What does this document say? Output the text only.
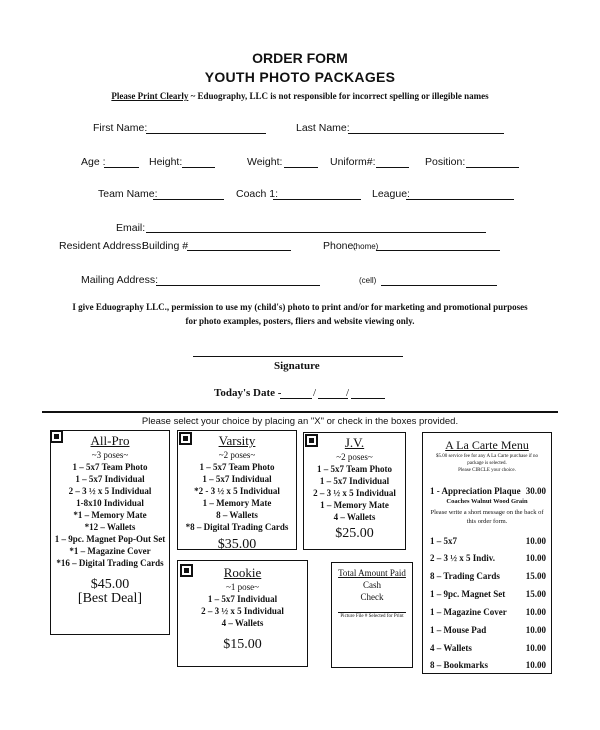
ORDER FORM
YOUTH PHOTO PACKAGES
Please Print Clearly ~ Eduography, LLC is not responsible for incorrect spelling or illegible names
First Name:	Last Name:
Age :	Height:	Weight:	Uniform#:	Position:
Team Name:	Coach 1:	League:
Email:
Resident Address:
Building #	Phone:
(home)
Mailing Address:	(cell)
I give Eduography LLC., permission to use my (child's) photo to print and/or for marketing and promotional purposes
for photo examples, posters, fliers and website viewing only.
Signature
Today's Date -	/	/
Please select your choice by placing an "X" or check in the boxes provided.
All-Pro
~3 poses~
1 – 5x7 Team Photo
1 – 5x7 Individual
2 – 3 ½ x 5 Individual
1-8x10 Individual
*1 – Memory Mate
*12 – Wallets
1 – 9pc. Magnet Pop-Out Set
*1 – Magazine Cover
*16 – Digital Trading Cards
$45.00
[Best Deal]
Varsity
~2 poses~
1 – 5x7 Team Photo
1 – 5x7 Individual
*2 - 3 ½ x 5 Individual
1 – Memory Mate
8 – Wallets
*8 – Digital Trading Cards
$35.00
J.V.
~2 poses~
1 – 5x7 Team Photo
1 – 5x7 Individual
2 – 3 ½ x 5 Individual
1 – Memory Mate
4 – Wallets
$25.00
Rookie
~1 pose~
1 – 5x7 Individual
2 – 3 ½ x 5 Individual
4 – Wallets
$15.00
Total Amount Paid
Cash
Check
Picture File # Selected for Print
A La Carte Menu
$5.00 service fee for any A La Carte purchase if no package is selected.
Please CIRCLE your choice.
1 - Appreciation Plaque 30.00
Coaches Walnut Wood Grain
Please write a short message on the back of this order form.
1 – 5x7	10.00
2 – 3 ½ x 5 Indiv.	10.00
8 – Trading Cards	15.00
1 – 9pc. Magnet Set 15.00
1 – Magazine Cover 10.00
1 – Mouse Pad	10.00
4 – Wallets	10.00
8 – Bookmarks	10.00
